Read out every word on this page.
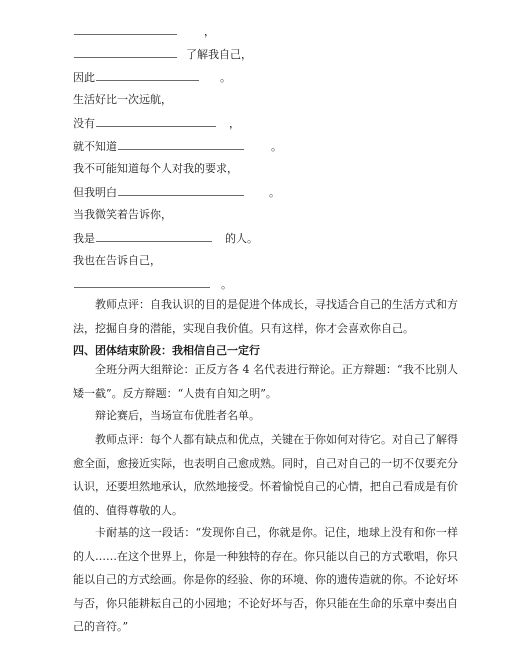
，
了解我自己，
因此	。
生活好比一次远航，
没有	，
就不知道	。
我不可能知道每个人对我的要求，
但我明白	。
当我微笑着告诉你，
我是	的人。
我也在告诉自己，
。
教师点评：自我认识的目的是促进个体成长，寻找适合自己的生活方式和方法，挖掘自身的潜能，实现自我价值。只有这样，你才会喜欢你自己。
四、团体结束阶段：我相信自己一定行
全班分两大组辩论：正反方各 4 名代表进行辩论。正方辩题：“我不比别人矮一截”。反方辩题：“人贵有自知之明”。
辩论赛后，当场宣布优胜者名单。
教师点评：每个人都有缺点和优点，关键在于你如何对待它。对自己了解得愈全面，愈接近实际，也表明自己愈成熟。同时，自己对自己的一切不仅要充分认识，还要坦然地承认，欣然地接受。怀着愉悦自己的心情，把自己看成是有价值的、值得尊敬的人。
卡耐基的这一段话：“发现你自己，你就是你。记住，地球上没有和你一样的人……在这个世界上，你是一种独特的存在。你只能以自己的方式歌唱，你只能以自己的方式绘画。你是你的经验、你的环境、你的遗传造就的你。不论好坏与否，你只能耕耘自己的小园地；不论好坏与否，你只能在生命的乐章中奏出自己的音符。”
